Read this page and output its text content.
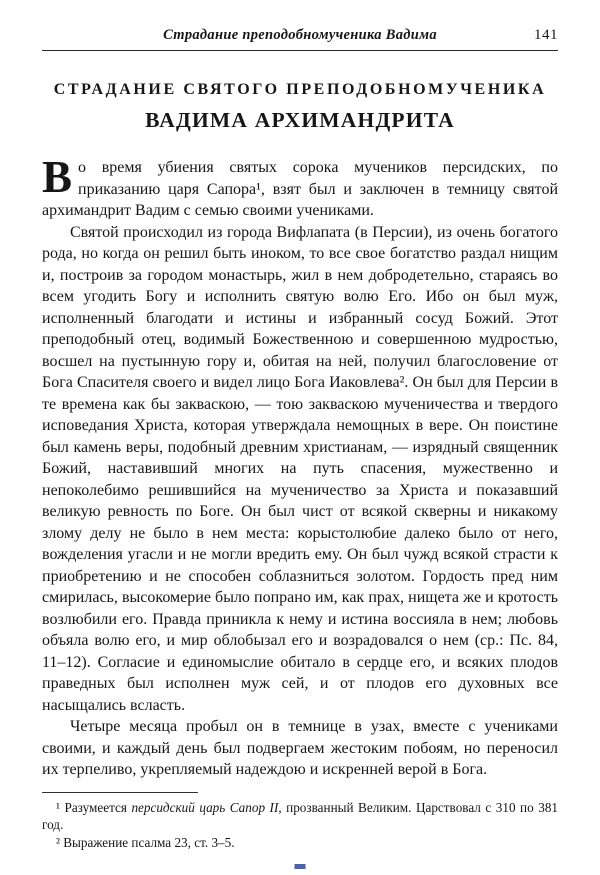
Страдание преподобномученика Вадима	141
СТРАДАНИЕ СВЯТОГО ПРЕПОДОБНОМУЧЕНИКА
ВАДИМА АРХИМАНДРИТА

Во время убиения святых сорока мучеников персидских, по приказанию царя Сапора¹, взят был и заключен в темницу святой архимандрит Вадим с семью своими учениками.

Святой происходил из города Вифлапата (в Персии), из очень богатого рода, но когда он решил быть иноком, то все свое богатство раздал нищим и, построив за городом монастырь, жил в нем добродетельно, стараясь во всем угодить Богу и исполнить святую волю Его. Ибо он был муж, исполненный благодати и истины и избранный сосуд Божий. Этот преподобный отец, водимый Божественною и совершенною мудростью, восшел на пустынную гору и, обитая на ней, получил благословение от Бога Спасителя своего и видел лицо Бога Иаковлева². Он был для Персии в те времена как бы закваскою, — тою закваскою мученичества и твердого исповедания Христа, которая утверждала немощных в вере. Он поистине был камень веры, подобный древним христианам, — изрядный священник Божий, наставивший многих на путь спасения, мужественно и непоколебимо решившийся на мученичество за Христа и показавший великую ревность по Боге. Он был чист от всякой скверны и никакому злому делу не было в нем места: корыстолюбие далеко было от него, вожделения угасли и не могли вредить ему. Он был чужд всякой страсти к приобретению и не способен соблазниться золотом. Гордость пред ним смирилась, высокомерие было попрано им, как прах, нищета же и кротость возлюбили его. Правда приникла к нему и истина воссияла в нем; любовь объяла волю его, и мир облобызал его и возрадовался о нем (ср.: Пс. 84, 11–12). Согласие и единомыслие обитало в сердце его, и всяких плодов праведных был исполнен муж сей, и от плодов его духовных все насыщались всласть.

Четыре месяца пробыл он в темнице в узах, вместе с учениками своими, и каждый день был подвергаем жестоким побоям, но переносил их терпеливо, укрепляемый надеждою и искренней верой в Бога.

¹ Разумеется персидский царь Сапор II, прозванный Великим. Царствовал с 310 по 381 год.

² Выражение псалма 23, ст. 3–5.
